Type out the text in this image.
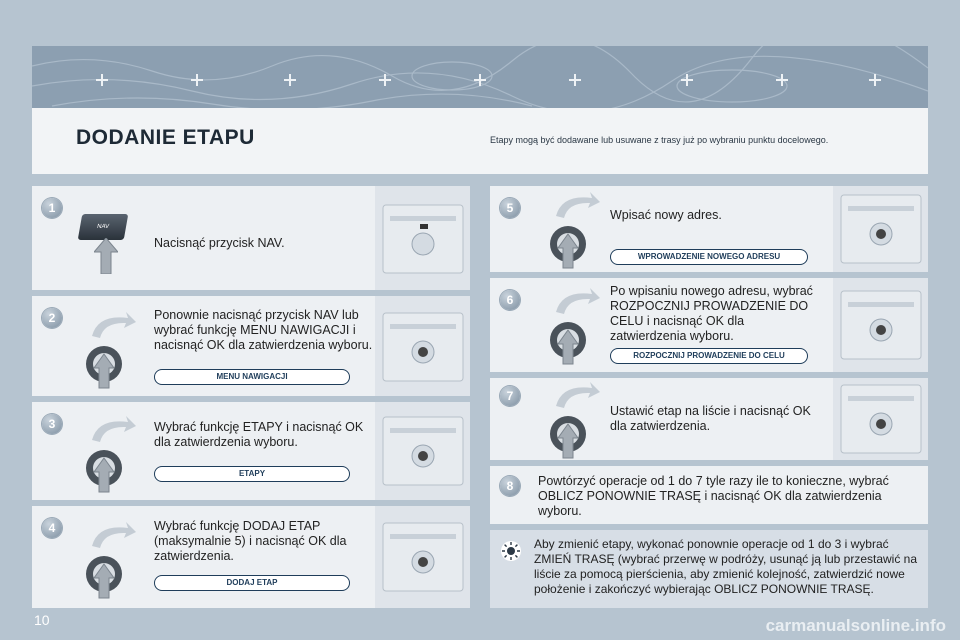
DODANIE ETAPU	Etapy mogą być dodawane lub usuwane z trasy już po wybraniu punktu docelowego.
1
NAV
Nacisnąć przycisk NAV.
2	Ponownie nacisnąć przycisk NAV lub wybrać funkcję MENU NAWIGACJI i nacisnąć OK dla zatwierdzenia wyboru.
MENU NAWIGACJI
3	Wybrać funkcję ETAPY i nacisnąć OK dla zatwierdzenia wyboru.
ETAPY
4	Wybrać funkcję DODAJ ETAP (maksymalnie 5) i nacisnąć OK dla zatwierdzenia.
DODAJ ETAP
5	Wpisać nowy adres.
WPROWADZENIE NOWEGO ADRESU
6
Po wpisaniu nowego adresu, wybrać ROZPOCZNIJ PROWADZENIE DO CELU i nacisnąć OK dla zatwierdzenia wyboru.
ROZPOCZNIJ PROWADZENIE DO CELU
7
Ustawić etap na liście i nacisnąć OK dla zatwierdzenia.
8	Powtórzyć operacje od 1 do 7 tyle razy ile to konieczne, wybrać OBLICZ PONOWNIE TRASĘ i nacisnąć OK dla zatwierdzenia wyboru.
Aby zmienić etapy, wykonać ponownie operacje od 1 do 3 i wybrać ZMIEŃ TRASĘ (wybrać przerwę w podróży, usunąć ją lub przestawić na liście za pomocą pierścienia, aby zmienić kolejność, zatwierdzić nowe położenie i zakończyć wybierając OBLICZ PONOWNIE TRASĘ.
10	carmanualsonline.info
